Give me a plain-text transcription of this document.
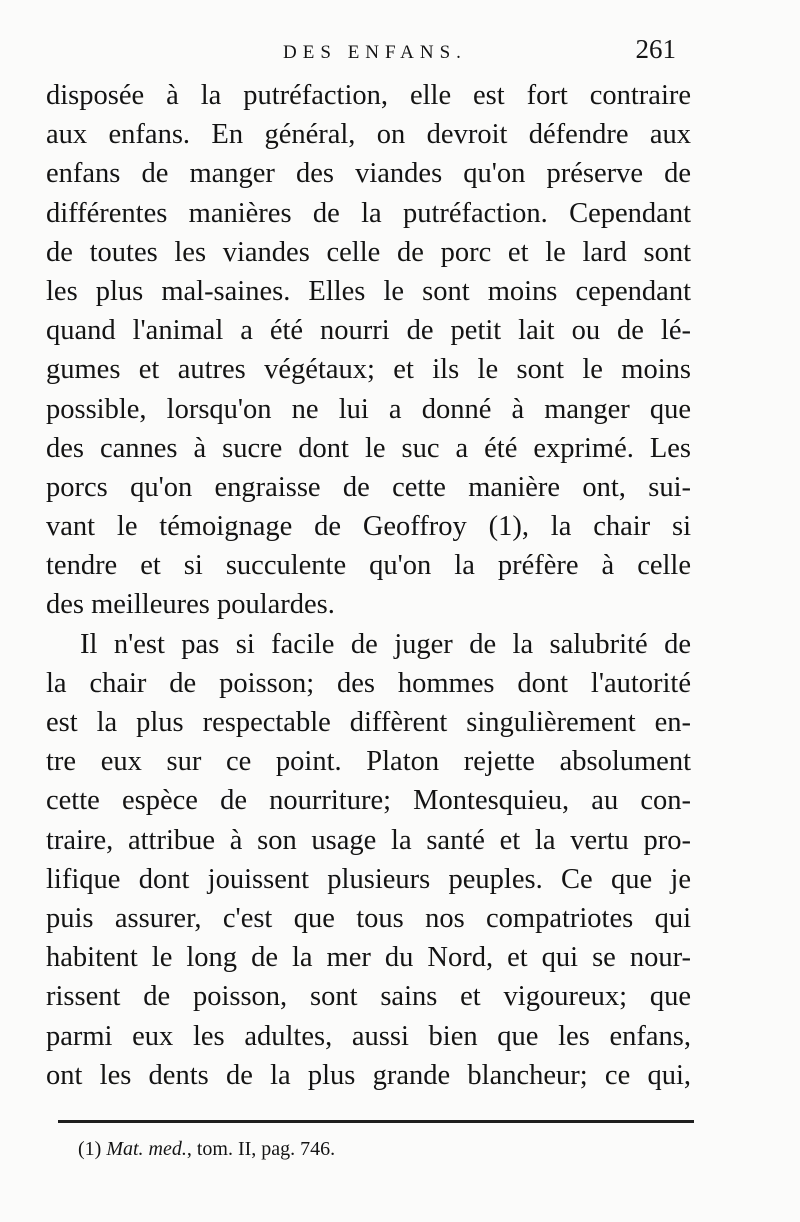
DES ENFANS.	261
disposée à la putréfaction, elle est fort contraire
aux enfans. En général, on devroit défendre aux
enfans de manger des viandes qu'on préserve de
différentes manières de la putréfaction. Cependant
de toutes les viandes celle de porc et le lard sont
les plus mal-saines. Elles le sont moins cependant
quand l'animal a été nourri de petit lait ou de lé-
gumes et autres végétaux; et ils le sont le moins
possible, lorsqu'on ne lui a donné à manger que
des cannes à sucre dont le suc a été exprimé. Les
porcs qu'on engraisse de cette manière ont, sui-
vant le témoignage de Geoffroy (1), la chair si
tendre et si succulente qu'on la préfère à celle
des meilleures poulardes.
Il n'est pas si facile de juger de la salubrité de
la chair de poisson; des hommes dont l'autorité
est la plus respectable diffèrent singulièrement en-
tre eux sur ce point. Platon rejette absolument
cette espèce de nourriture; Montesquieu, au con-
traire, attribue à son usage la santé et la vertu pro-
lifique dont jouissent plusieurs peuples. Ce que je
puis assurer, c'est que tous nos compatriotes qui
habitent le long de la mer du Nord, et qui se nour-
rissent de poisson, sont sains et vigoureux; que
parmi eux les adultes, aussi bien que les enfans,
ont les dents de la plus grande blancheur; ce qui,
(1) Mat. med., tom. II, pag. 746.
